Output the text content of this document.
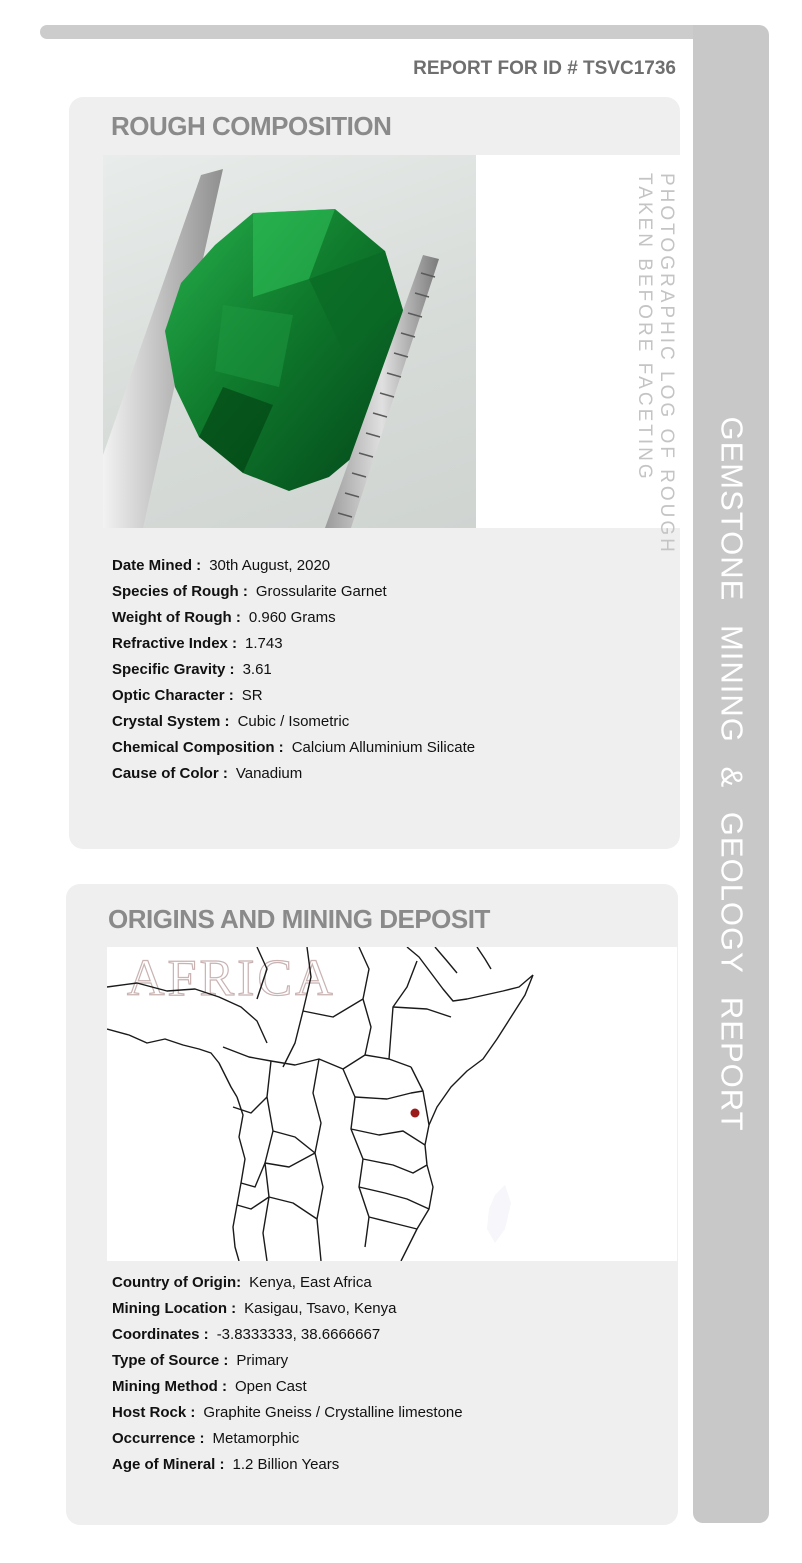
GEMSTONE MINING & GEOLOGY REPORT
REPORT FOR ID # TSVC1736
ROUGH COMPOSITION
PHOTOGRAPHIC LOG OF ROUGH
TAKEN BEFORE FACETING
Date Mined : 30th August, 2020
Species of Rough : Grossularite Garnet
Weight of Rough : 0.960 Grams
Refractive Index : 1.743
Specific Gravity : 3.61
Optic Character : SR
Crystal System : Cubic / Isometric
Chemical Composition : Calcium Alluminium Silicate
Cause of Color : Vanadium
ORIGINS AND MINING DEPOSIT
AFRICA
Country of Origin: Kenya, East Africa
Mining Location : Kasigau, Tsavo, Kenya
Coordinates : -3.8333333, 38.6666667
Type of Source : Primary
Mining Method : Open Cast
Host Rock : Graphite Gneiss / Crystalline limestone
Occurrence : Metamorphic
Age of Mineral : 1.2 Billion Years
